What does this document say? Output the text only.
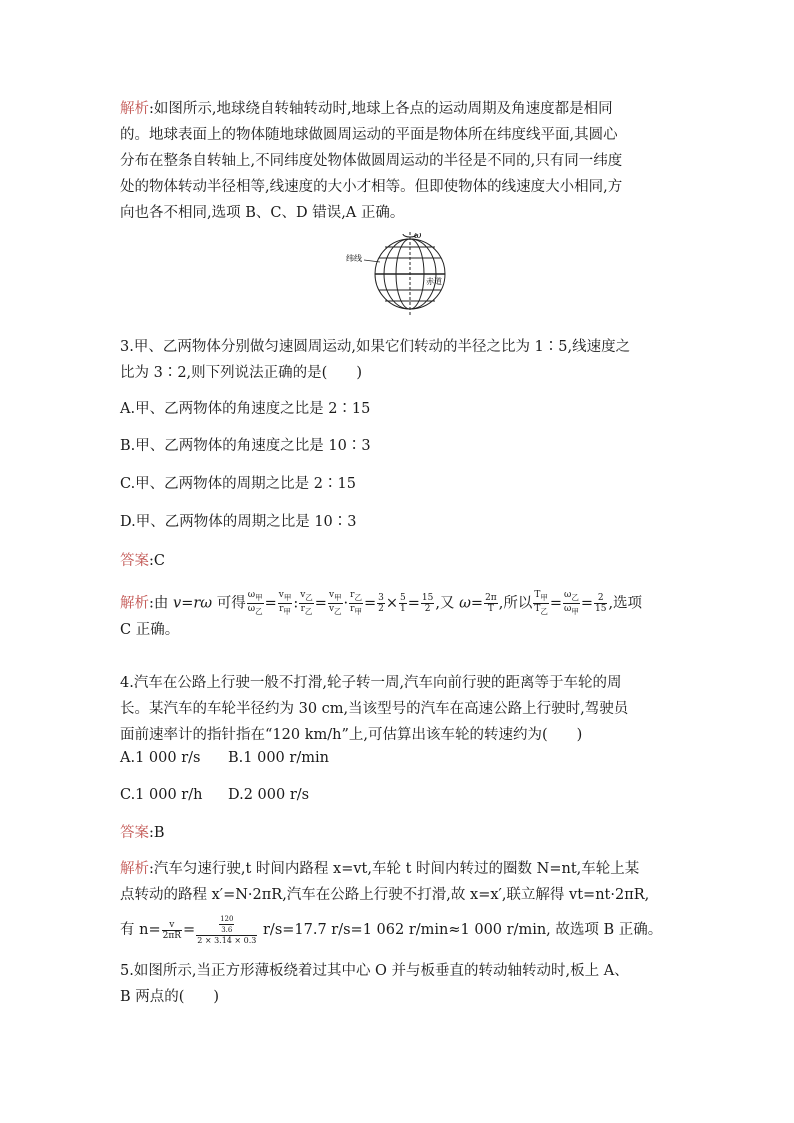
解析:如图所示,地球绕自转轴转动时,地球上各点的运动周期及角速度都是相同
的。地球表面上的物体随地球做圆周运动的平面是物体所在纬度线平面,其圆心
分布在整条自转轴上,不同纬度处物体做圆周运动的半径是不同的,只有同一纬度
处的物体转动半径相等,线速度的大小才相等。但即使物体的线速度大小相同,方
向也各不相同,选项 B、C、D 错误,A 正确。
ω
纬线
赤道
3.甲、乙两物体分别做匀速圆周运动,如果它们转动的半径之比为 1∶5,线速度之
比为 3∶2,则下列说法正确的是(　　)
A.甲、乙两物体的角速度之比是 2∶15
B.甲、乙两物体的角速度之比是 10∶3
C.甲、乙两物体的周期之比是 2∶15
D.甲、乙两物体的周期之比是 10∶3
答案:C
解析:由 v=rω 可得 $\frac{\omega_甲}{\omega_乙} = \frac{v_甲}{r_甲}$ : $\frac{v_乙}{r_乙} = \frac{v_甲}{v_乙} \cdot \frac{r_乙}{r_甲} = \frac{3}{2} \times \frac{5}{1} = \frac{15}{2}$ ,又 $\omega= \frac{2\pi}{T}$ ,所以 $\frac{T_甲}{T_乙} = \frac{\omega_乙}{\omega_甲} = \frac{2}{15}$ ,选项
C 正确。
4.汽车在公路上行驶一般不打滑,轮子转一周,汽车向前行驶的距离等于车轮的周
长。某汽车的车轮半径约为 30 cm,当该型号的汽车在高速公路上行驶时,驾驶员
面前速率计的指针指在“120 km/h”上,可估算出该车轮的转速约为(　　)
A.1 000 r/s B.1 000 r/min
C.1 000 r/h D.2 000 r/s
答案:B
解析:汽车匀速行驶,t 时间内路程 x=vt,车轮 t 时间内转过的圈数 N=nt,车轮上某
点转动的路程 x′=N·2πR,汽车在公路上行驶不打滑,故 x=x′,联立解得 vt=nt·2πR,
有 $n= \frac{v}{2\pi R} = \frac{\frac{120}{3.6}}{2 \times 3.14 \times 0.3} r/s=17.7$ r/s=1 062 r/min≈1 000 r/min, 故选项 B 正确。
5.如图所示,当正方形薄板绕着过其中心 O 并与板垂直的转动轴转动时,板上 A、
B 两点的(　　)
